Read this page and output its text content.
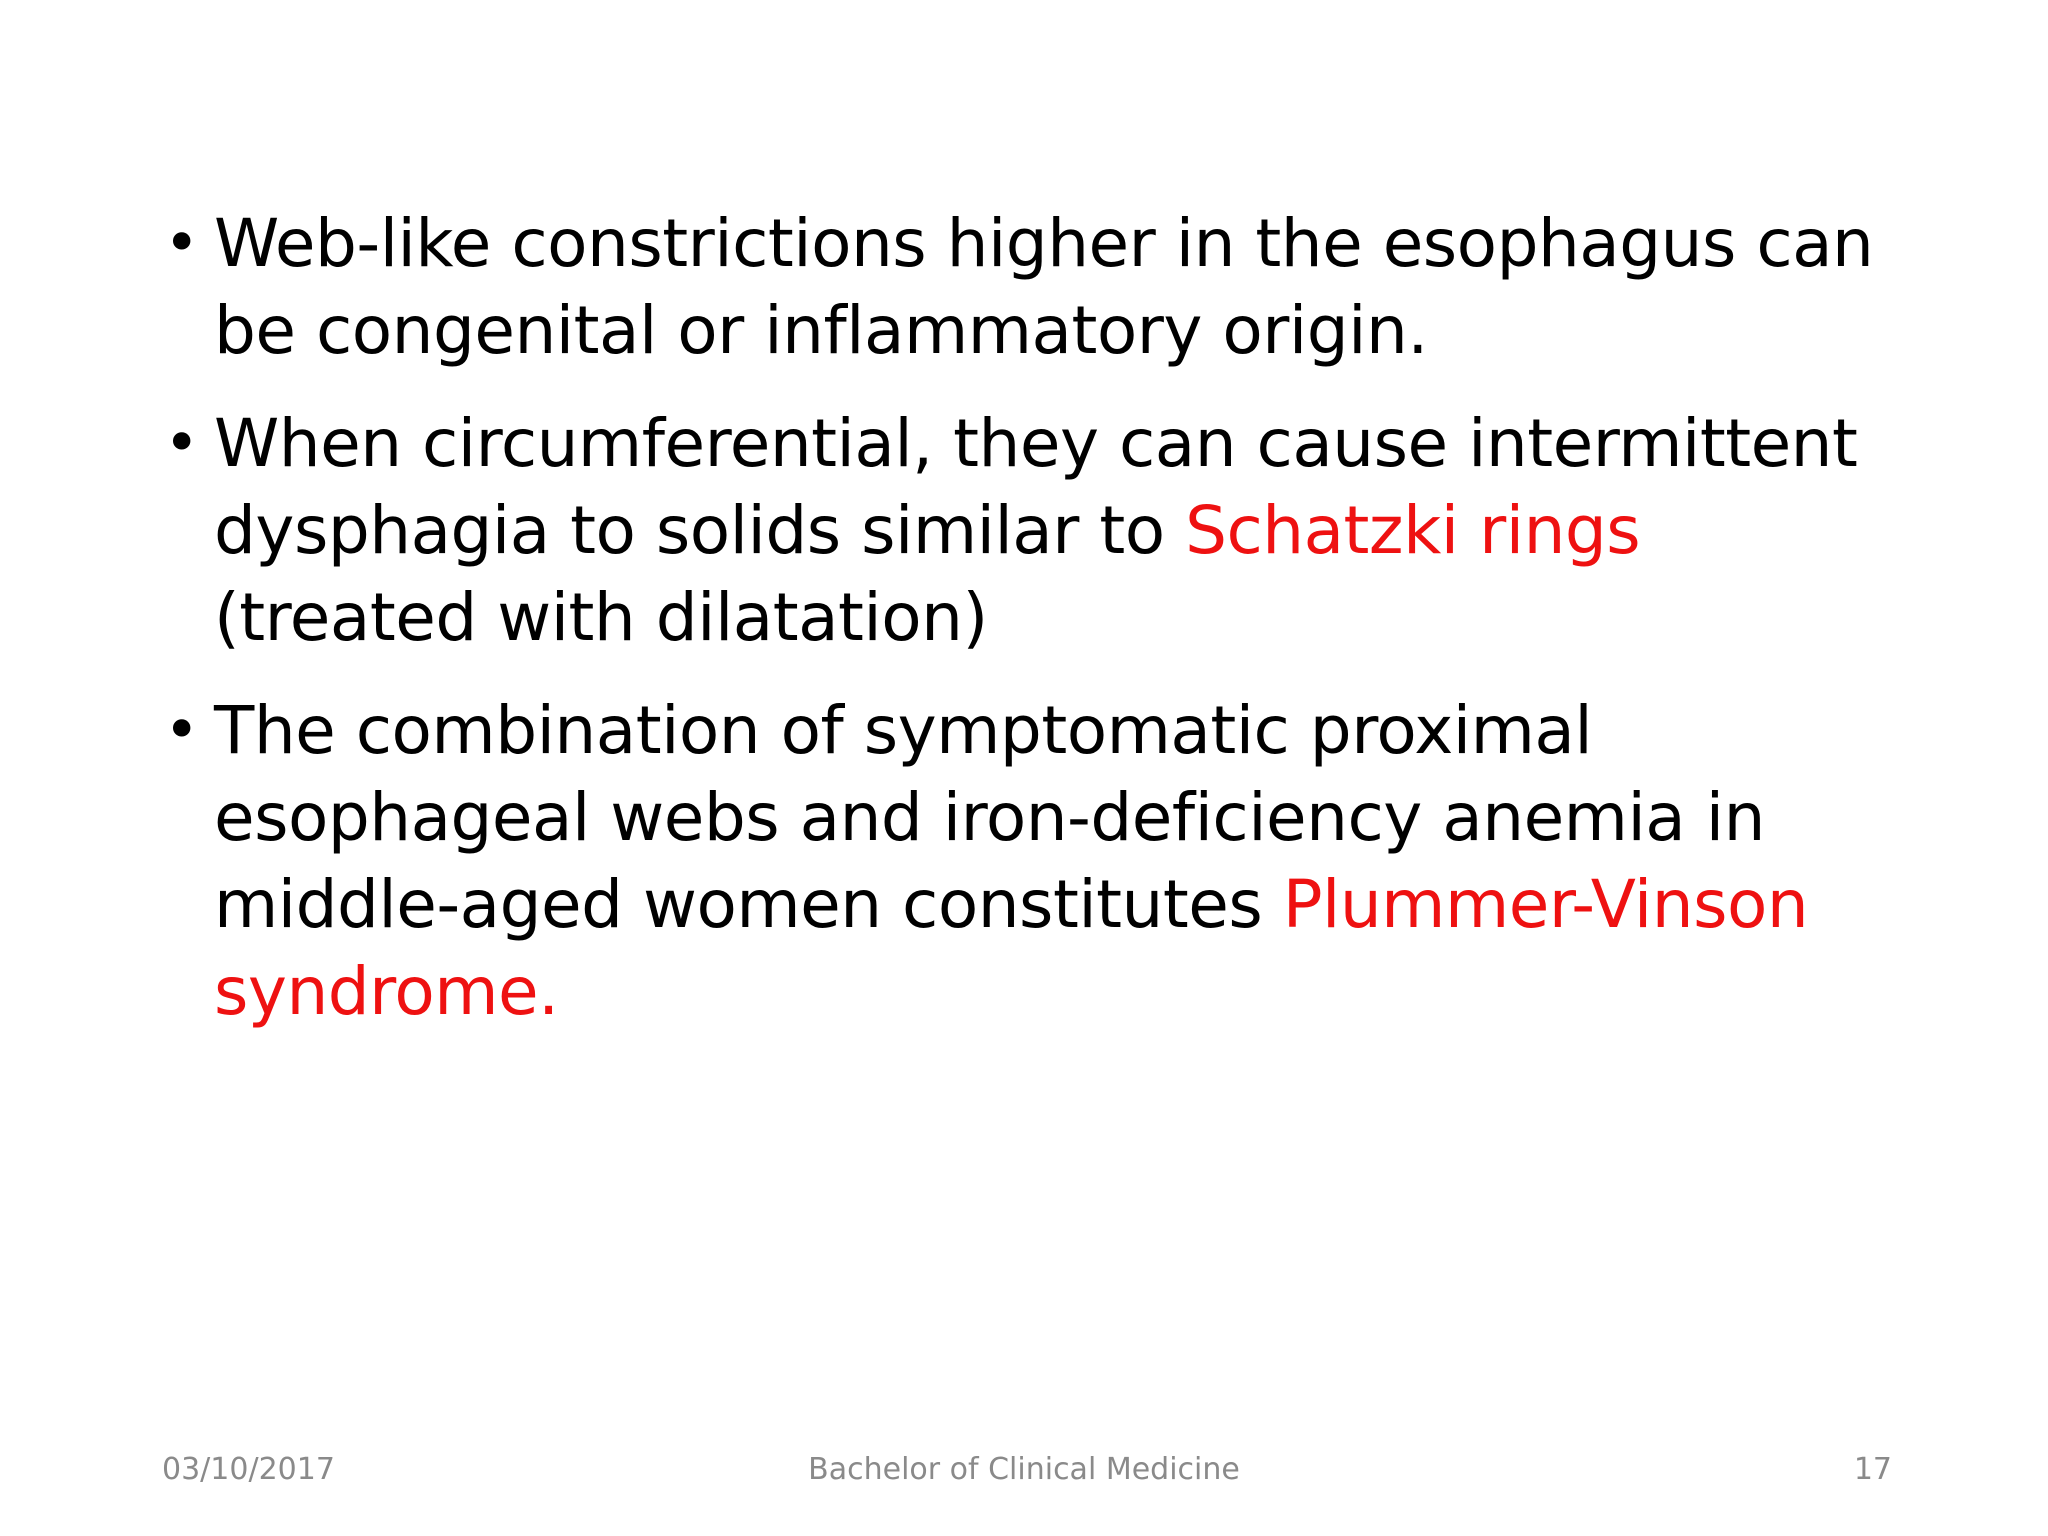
• Web-like constrictions higher in the esophagus can be congenital or inflammatory origin.
• When circumferential, they can cause intermittent dysphagia to solids similar to Schatzki rings (treated with dilatation)
• The combination of symptomatic proximal esophageal webs and iron-deficiency anemia in middle-aged women constitutes Plummer-Vinson syndrome.
03/10/2017	Bachelor of Clinical Medicine	17
